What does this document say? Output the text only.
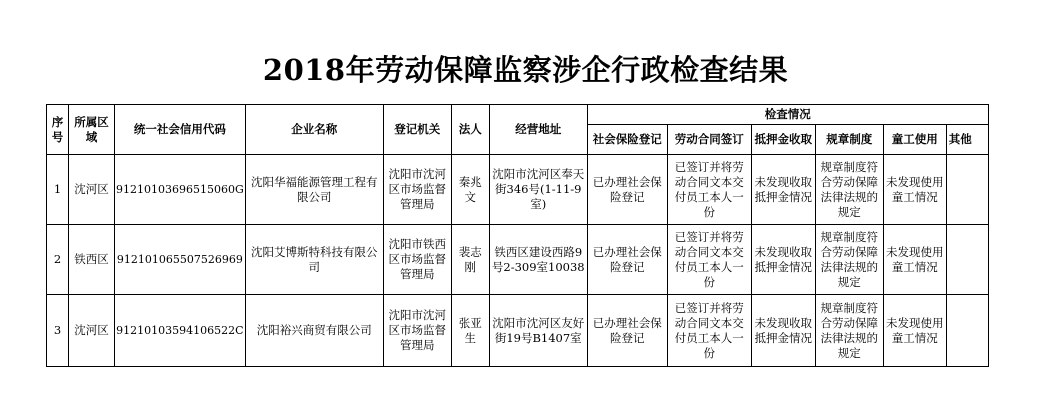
2018年劳动保障监察涉企行政检查结果
序号	所属区域	统一社会信用代码	企业名称	登记机关	法人	经营地址	检查情况					
							社会保险登记	劳动合同签订	抵押金收取	规章制度	童工使用	其他
1	沈河区	91210103696515060G	沈阳华福能源管理工程有限公司	沈阳市沈河区市场监督管理局	秦兆文	沈阳市沈河区奉天街346号(1-11-9室)	已办理社会保险登记	已签订并将劳动合同文本交付员工本人一份	未发现收取抵押金情况	规章制度符合劳动保障法律法规的规定	未发现使用童工情况	
2	铁西区	912101065507526969	沈阳艾博斯特科技有限公司	沈阳市铁西区市场监督管理局	裴志刚	铁西区建设西路9号2-309室10038	已办理社会保险登记	已签订并将劳动合同文本交付员工本人一份	未发现收取抵押金情况	规章制度符合劳动保障法律法规的规定	未发现使用童工情况	
3	沈河区	91210103594106522C	沈阳裕兴商贸有限公司	沈阳市沈河区市场监督管理局	张亚生	沈阳市沈河区友好街19号B1407室	已办理社会保险登记	已签订并将劳动合同文本交付员工本人一份	未发现收取抵押金情况	规章制度符合劳动保障法律法规的规定	未发现使用童工情况	
